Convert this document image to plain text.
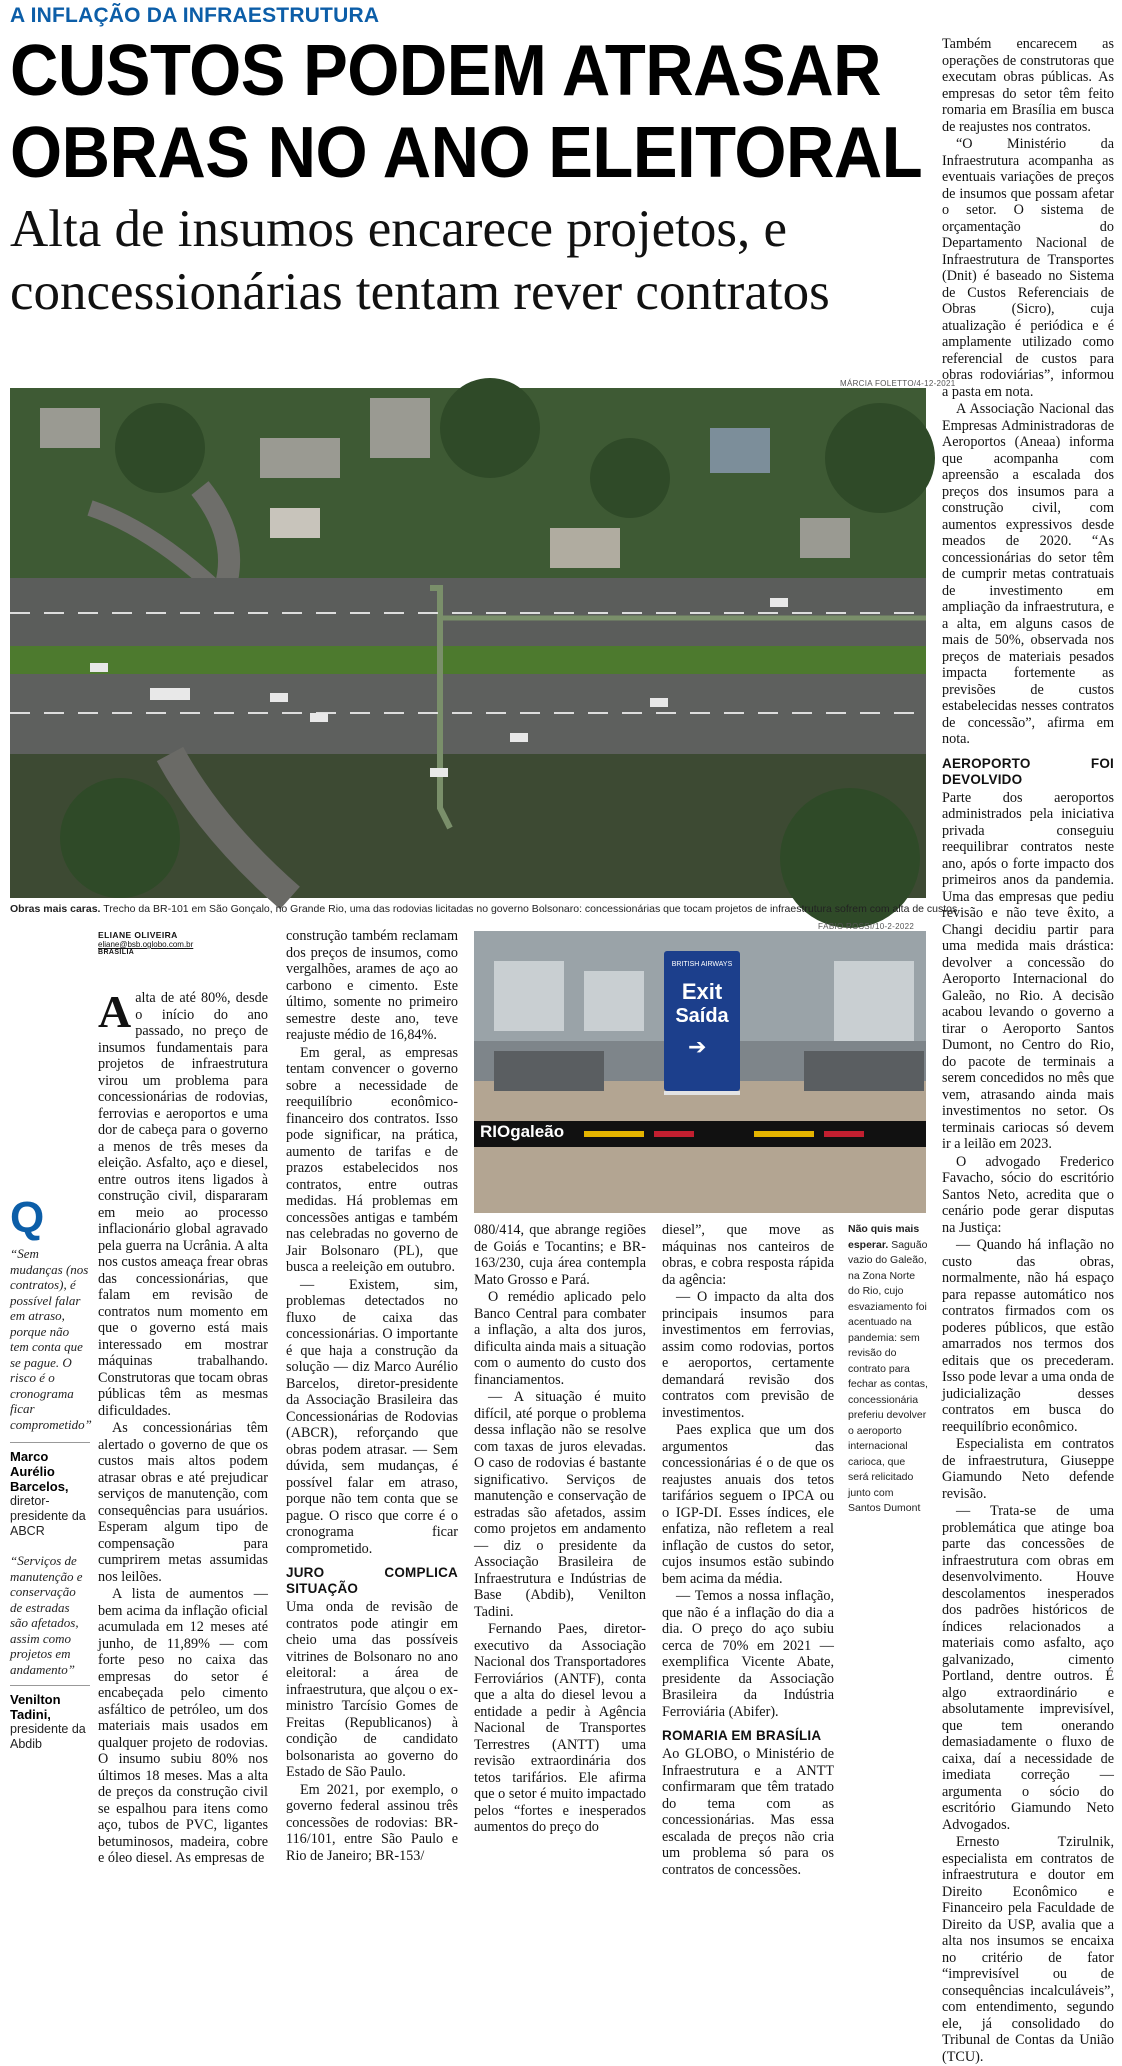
A INFLAÇÃO DA INFRAESTRUTURA
CUSTOS PODEM ATRASAR OBRAS NO ANO ELEITORAL
Alta de insumos encarece projetos, e concessionárias tentam rever contratos
MÁRCIA FOLETTO/4-12-2021
Obras mais caras. Trecho da BR-101 em São Gonçalo, no Grande Rio, uma das rodovias licitadas no governo Bolsonaro: concessionárias que tocam projetos de infraestrutura sofrem com alta de custos
ELIANE OLIVEIRA
eliane@bsb.oglobo.com.br
BRASÍLIA

Aalta de até 80%, desde o início do ano passado, no preço de insumos fundamentais para projetos de infraestrutura virou um problema para concessionárias de rodovias, ferrovias e aeroportos e uma dor de cabeça para o governo a menos de três meses da eleição. Asfalto, aço e diesel, entre outros itens ligados à construção civil, dispararam em meio ao processo inflacionário global agravado pela guerra na Ucrânia. A alta nos custos ameaça frear obras das concessionárias, que falam em revisão de contratos num momento em que o governo está mais interessado em mostrar máquinas trabalhando. Construtoras que tocam obras públicas têm as mesmas dificuldades.

As concessionárias têm alertado o governo de que os custos mais altos podem atrasar obras e até prejudicar serviços de manutenção, com consequências para usuários. Esperam algum tipo de compensação para cumprirem metas assumidas nos leilões.

A lista de aumentos — bem acima da inflação oficial acumulada em 12 meses até junho, de 11,89% — com forte peso no caixa das empresas do setor é encabeçada pelo cimento asfáltico de petróleo, um dos materiais mais usados em qualquer projeto de rodovias. O insumo subiu 80% nos últimos 18 meses. Mas a alta de preços da construção civil se espalhou para itens como aço, tubos de PVC, ligantes betuminosos, madeira, cobre e óleo diesel. As empresas de

Q
“Sem mudanças (nos contratos), é possível falar em atraso, porque não tem conta que se pague. O risco é o cronograma ficar comprometido”
Marco Aurélio Barcelos,
diretor-presidente da ABCR
“Serviços de manutenção e conservação de estradas são afetados, assim como projetos em andamento”
Venilton Tadini,
presidente da Abdib

construção também reclamam dos preços de insumos, como vergalhões, arames de aço ao carbono e cimento. Este último, somente no primeiro semestre deste ano, teve reajuste médio de 16,84%.

Em geral, as empresas tentam convencer o governo sobre a necessidade de reequilíbrio econômico-financeiro dos contratos. Isso pode significar, na prática, aumento de tarifas e de prazos estabelecidos nos contratos, entre outras medidas. Há problemas em concessões antigas e também nas celebradas no governo de Jair Bolsonaro (PL), que busca a reeleição em outubro.

— Existem, sim, problemas detectados no fluxo de caixa das concessionárias. O importante é que haja a construção da solução — diz Marco Aurélio Barcelos, diretor-presidente da Associação Brasileira das Concessionárias de Rodovias (ABCR), reforçando que obras podem atrasar. — Sem dúvida, sem mudanças, é possível falar em atraso, porque não tem conta que se pague. O risco que corre é o cronograma ficar comprometido.

JURO COMPLICA SITUAÇÃO

Uma onda de revisão de contratos pode atingir em cheio uma das possíveis vitrines de Bolsonaro no ano eleitoral: a área de infraestrutura, que alçou o ex-ministro Tarcísio Gomes de Freitas (Republicanos) à condição de candidato bolsonarista ao governo do Estado de São Paulo.

Em 2021, por exemplo, o governo federal assinou três concessões de rodovias: BR-116/101, entre São Paulo e Rio de Janeiro; BR-153/

FÁBIO ROSSI/10-2-2022
BRITISH AIRWAYS
Exit
Saída
➔
RIOgaleão

080/414, que abrange regiões de Goiás e Tocantins; e BR-163/230, cuja área contempla Mato Grosso e Pará.

O remédio aplicado pelo Banco Central para combater a inflação, a alta dos juros, dificulta ainda mais a situação com o aumento do custo dos financiamentos.

— A situação é muito difícil, até porque o problema dessa inflação não se resolve com taxas de juros elevadas. O caso de rodovias é bastante significativo. Serviços de manutenção e conservação de estradas são afetados, assim como projetos em andamento — diz o presidente da Associação Brasileira de Infraestrutura e Indústrias de Base (Abdib), Venilton Tadini.

Fernando Paes, diretor-executivo da Associação Nacional dos Transportadores Ferroviários (ANTF), conta que a alta do diesel levou a entidade a pedir à Agência Nacional de Transportes Terrestres (ANTT) uma revisão extraordinária dos tetos tarifários. Ele afirma que o setor é muito impactado pelos “fortes e inesperados aumentos do preço do

diesel”, que move as máquinas nos canteiros de obras, e cobra resposta rápida da agência:

— O impacto da alta dos principais insumos para investimentos em ferrovias, assim como rodovias, portos e aeroportos, certamente demandará revisão dos contratos com previsão de investimentos.

Paes explica que um dos argumentos das concessionárias é o de que os reajustes anuais dos tetos tarifários seguem o IPCA ou o IGP-DI. Esses índices, ele enfatiza, não refletem a real inflação de custos do setor, cujos insumos estão subindo bem acima da média.

— Temos a nossa inflação, que não é a inflação do dia a dia. O preço do aço subiu cerca de 70% em 2021 — exemplifica Vicente Abate, presidente da Associação Brasileira da Indústria Ferroviária (Abifer).

ROMARIA EM BRASÍLIA

Ao GLOBO, o Ministério de Infraestrutura e a ANTT confirmaram que têm tratado do tema com as concessionárias. Mas essa escalada de preços não cria um problema só para os contratos de concessões.

Não quis mais esperar. Saguão vazio do Galeão, na Zona Norte do Rio, cujo esvaziamento foi acentuado na pandemia: sem revisão do contrato para fechar as contas, concessionária preferiu devolver o aeroporto internacional carioca, que será relicitado junto com Santos Dumont

Também encarecem as operações de construtoras que executam obras públicas. As empresas do setor têm feito romaria em Brasília em busca de reajustes nos contratos.

“O Ministério da Infraestrutura acompanha as eventuais variações de preços de insumos que possam afetar o setor. O sistema de orçamentação do Departamento Nacional de Infraestrutura de Transportes (Dnit) é baseado no Sistema de Custos Referenciais de Obras (Sicro), cuja atualização é periódica e é amplamente utilizado como referencial de custos para obras rodoviárias”, informou a pasta em nota.

A Associação Nacional das Empresas Administradoras de Aeroportos (Aneaa) informa que acompanha com apreensão a escalada dos preços dos insumos para a construção civil, com aumentos expressivos desde meados de 2020. “As concessionárias do setor têm de cumprir metas contratuais de investimento em ampliação da infraestrutura, e a alta, em alguns casos de mais de 50%, observada nos preços de materiais pesados impacta fortemente as previsões de custos estabelecidas nesses contratos de concessão”, afirma em nota.

AEROPORTO FOI DEVOLVIDO

Parte dos aeroportos administrados pela iniciativa privada conseguiu reequilibrar contratos neste ano, após o forte impacto dos primeiros anos da pandemia. Uma das empresas que pediu revisão e não teve êxito, a Changi decidiu partir para uma medida mais drástica: devolver a concessão do Aeroporto Internacional do Galeão, no Rio. A decisão acabou levando o governo a tirar o Aeroporto Santos Dumont, no Centro do Rio, do pacote de terminais a serem concedidos no mês que vem, atrasando ainda mais investimentos no setor. Os terminais cariocas só devem ir a leilão em 2023.

O advogado Frederico Favacho, sócio do escritório Santos Neto, acredita que o cenário pode gerar disputas na Justiça:

— Quando há inflação no custo das obras, normalmente, não há espaço para repasse automático nos contratos firmados com os poderes públicos, que estão amarrados nos termos dos editais que os precederam. Isso pode levar a uma onda de judicialização desses contratos em busca do reequilíbrio econômico.

Especialista em contratos de infraestrutura, Giuseppe Giamundo Neto defende revisão.

— Trata-se de uma problemática que atinge boa parte das concessões de infraestrutura com obras em desenvolvimento. Houve descolamentos inesperados dos padrões históricos de índices relacionados a materiais como asfalto, aço galvanizado, cimento Portland, dentre outros. É algo extraordinário e absolutamente imprevisível, que tem onerando demasiadamente o fluxo de caixa, daí a necessidade de imediata correção — argumenta o sócio do escritório Giamundo Neto Advogados.

Ernesto Tzirulnik, especialista em contratos de infraestrutura e doutor em Direito Econômico e Financeiro pela Faculdade de Direito da USP, avalia que a alta nos insumos se encaixa no critério de fator “imprevisível ou de consequências incalculáveis”, com entendimento, segundo ele, já consolidado do Tribunal de Contas da União (TCU).
